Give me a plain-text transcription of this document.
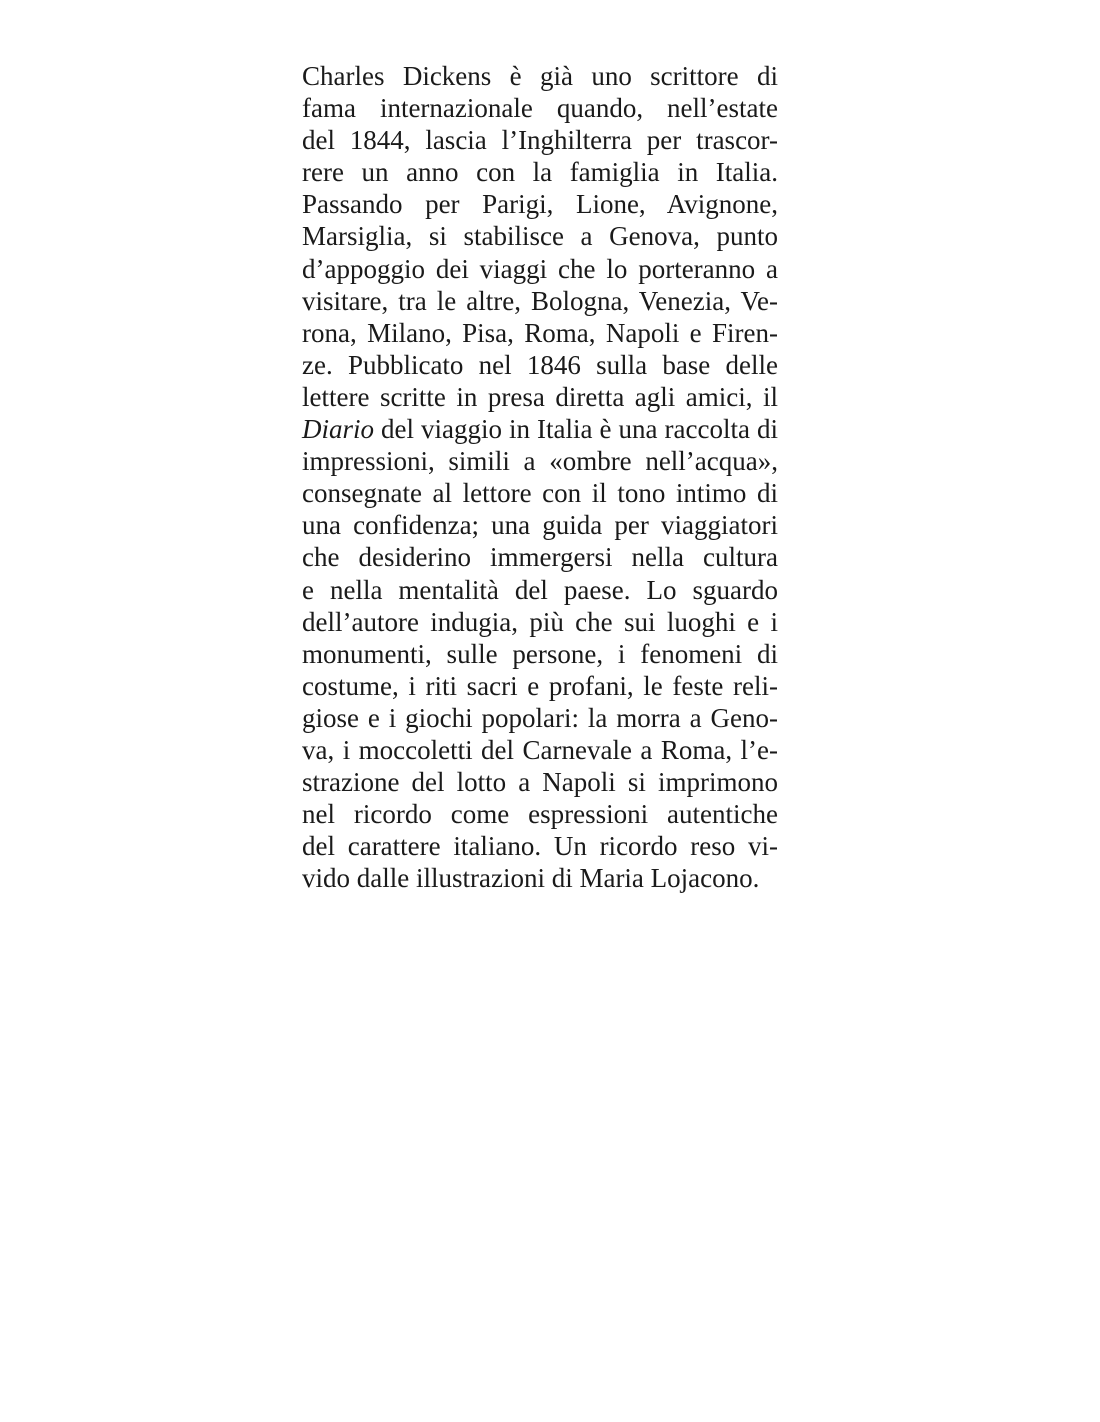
Charles Dickens è già uno scrittore di
fama internazionale quando, nell’estate
del 1844, lascia l’Inghilterra per trascor-
rere un anno con la famiglia in Italia.
Passando per Parigi, Lione, Avignone,
Marsiglia, si stabilisce a Genova, punto
d’appoggio dei viaggi che lo porteranno a
visitare, tra le altre, Bologna, Venezia, Ve-
rona, Milano, Pisa, Roma, Napoli e Firen-
ze. Pubblicato nel 1846 sulla base delle
lettere scritte in presa diretta agli amici, il
Diario del viaggio in Italia è una raccolta di
impressioni, simili a «ombre nell’acqua»,
consegnate al lettore con il tono intimo di
una confidenza; una guida per viaggiatori
che desiderino immergersi nella cultura
e nella mentalità del paese. Lo sguardo
dell’autore indugia, più che sui luoghi e i
monumenti, sulle persone, i fenomeni di
costume, i riti sacri e profani, le feste reli-
giose e i giochi popolari: la morra a Geno-
va, i moccoletti del Carnevale a Roma, l’e-
strazione del lotto a Napoli si imprimono
nel ricordo come espressioni autentiche
del carattere italiano. Un ricordo reso vi-
vido dalle illustrazioni di Maria Lojacono.
